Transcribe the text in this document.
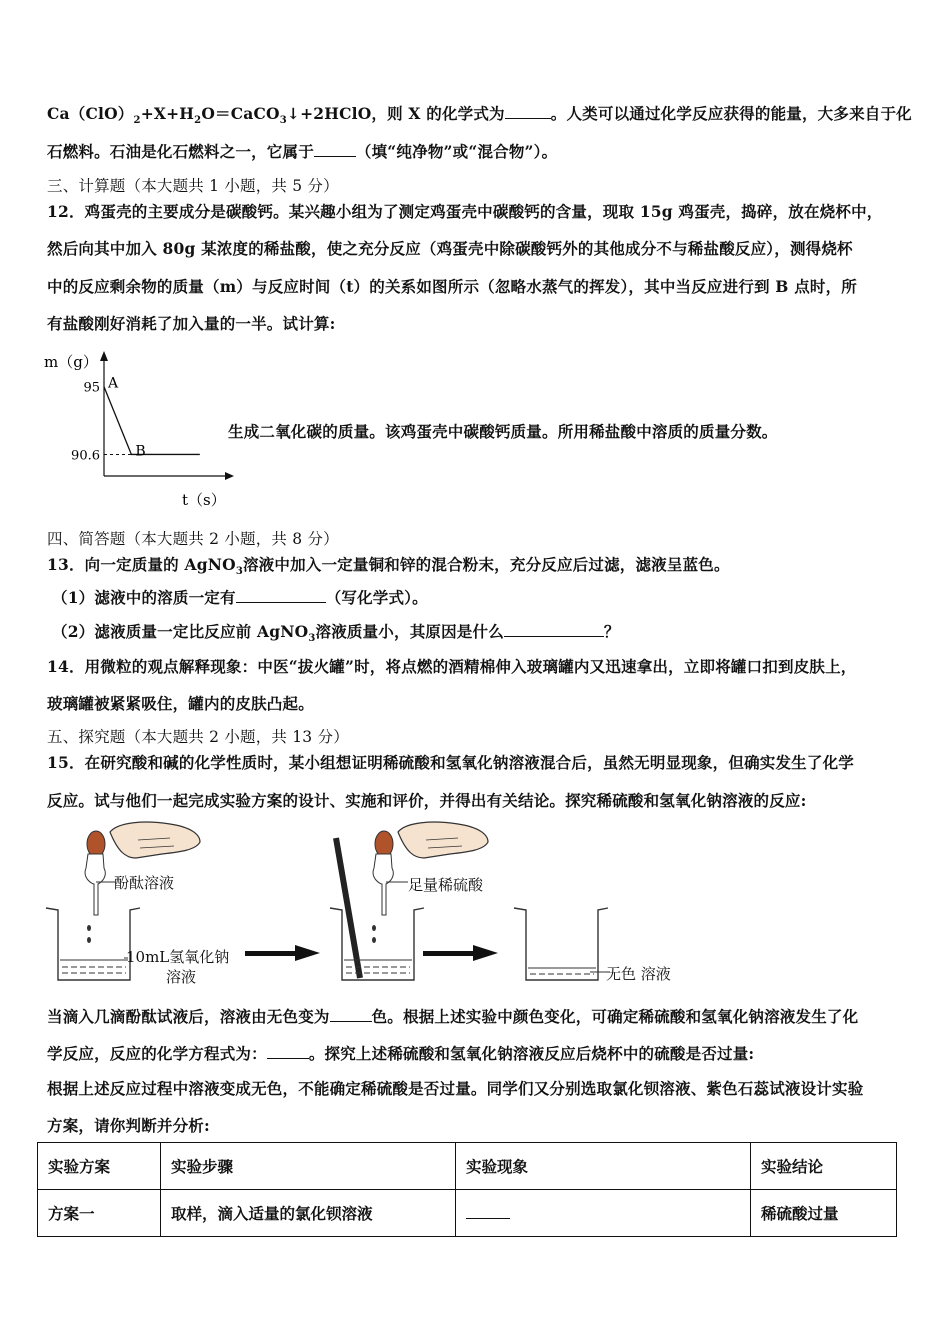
$Ca(ClO)_2+X+H_2O=CaCO_3↓+2HClO$，则 X 的化学式为	。人类可以通过化学反应获得的能量，大多来自于化
石燃料。石油是化石燃料之一，它属于	（填“纯净物”或“混合物”）。
三、计算题（本大题共 1 小题，共 5 分）
12．鸡蛋壳的主要成分是碳酸钙。某兴趣小组为了测定鸡蛋壳中碳酸钙的含量，现取 15g 鸡蛋壳，捣碎，放在烧杯中，
然后向其中加入 80g 某浓度的稀盐酸，使之充分反应（鸡蛋壳中除碳酸钙外的其他成分不与稀盐酸反应），测得烧杯
中的反应剩余物的质量（m）与反应时间（t）的关系如图所示（忽略水蒸气的挥发），其中当反应进行到 B 点时，所
有盐酸刚好消耗了加入量的一半。试计算:
m（g）
t（s）
95
90.6
A
B
生成二氧化碳的质量。该鸡蛋壳中碳酸钙质量。所用稀盐酸中溶质的质量分数。
四、简答题（本大题共 2 小题，共 8 分）
13．向一定质量的 AgNO$_3$溶液中加入一定量铜和锌的混合粉末，充分反应后过滤，滤液呈蓝色。
（1）滤液中的溶质一定有	（写化学式）。
（2）滤液质量一定比反应前 AgNO$_3$溶液质量小，其原因是什么	？
14．用微粒的观点解释现象：中医“拔火罐”时，将点燃的酒精棉伸入玻璃罐内又迅速拿出，立即将罐口扣到皮肤上，
玻璃罐被紧紧吸住，罐内的皮肤凸起。
五、探究题（本大题共 2 小题，共 13 分）
15．在研究酸和碱的化学性质时，某小组想证明稀硫酸和氢氧化钠溶液混合后，虽然无明显现象，但确实发生了化学
反应。试与他们一起完成实验方案的设计、实施和评价，并得出有关结论。探究稀硫酸和氢氧化钠溶液的反应:
酚酞溶液
10mL氢氧化钠
溶液
足量稀硫酸
无色 溶液
当滴入几滴酚酞试液后，溶液由无色变为	色。根据上述实验中颜色变化，可确定稀硫酸和氢氧化钠溶液发生了化
学反应，反应的化学方程式为：	。探究上述稀硫酸和氢氧化钠溶液反应后烧杯中的硫酸是否过量:
根据上述反应过程中溶液变成无色，不能确定稀硫酸是否过量。同学们又分别选取氯化钡溶液、紫色石蕊试液设计实验
方案，请你判断并分析:
实验方案	实验步骤	实验现象	实验结论
方案一	取样，滴入适量的氯化钡溶液		稀硫酸过量
